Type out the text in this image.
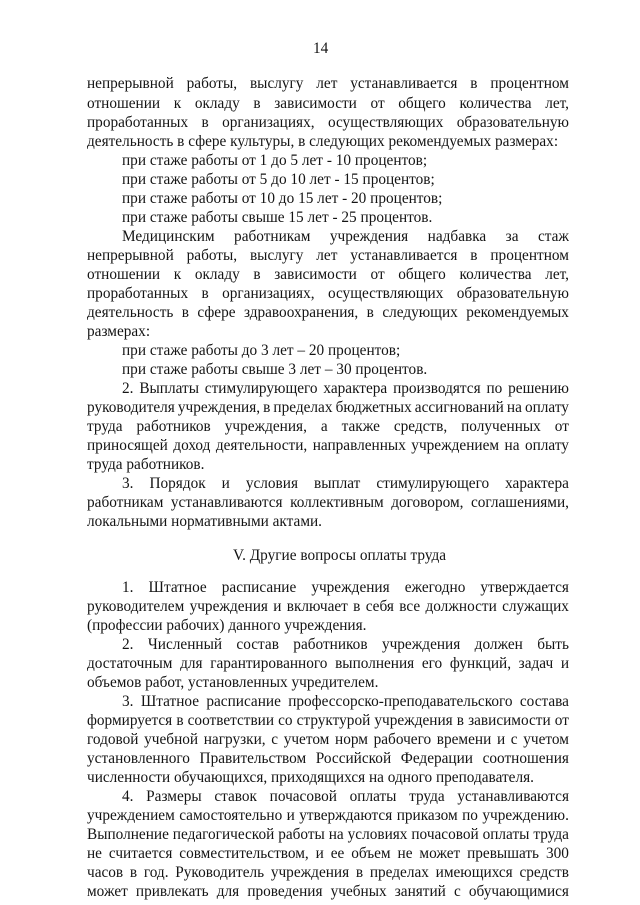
14
непрерывной работы, выслугу лет устанавливается в процентном
отношении к окладу в зависимости от общего количества лет,
проработанных в организациях, осуществляющих образовательную
деятельность в сфере культуры, в следующих рекомендуемых размерах:
при стаже работы от 1 до 5 лет - 10 процентов;
при стаже работы от 5 до 10 лет - 15 процентов;
при стаже работы от 10 до 15 лет - 20 процентов;
при стаже работы свыше 15 лет - 25 процентов.
Медицинским работникам учреждения надбавка за стаж
непрерывной работы, выслугу лет устанавливается в процентном
отношении к окладу в зависимости от общего количества лет,
проработанных в организациях, осуществляющих образовательную
деятельность в сфере здравоохранения, в следующих рекомендуемых
размерах:
при стаже работы до 3 лет – 20 процентов;
при стаже работы свыше 3 лет – 30 процентов.
2. Выплаты стимулирующего характера производятся по решению
руководителя учреждения, в пределах бюджетных ассигнований на оплату
труда работников учреждения, а также средств, полученных от
приносящей доход деятельности, направленных учреждением на оплату
труда работников.
3. Порядок и условия выплат стимулирующего характера
работникам устанавливаются коллективным договором, соглашениями,
локальными нормативными актами.
V. Другие вопросы оплаты труда
1. Штатное расписание учреждения ежегодно утверждается
руководителем учреждения и включает в себя все должности служащих
(профессии рабочих) данного учреждения.
2. Численный состав работников учреждения должен быть
достаточным для гарантированного выполнения его функций, задач и
объемов работ, установленных учредителем.
3. Штатное расписание профессорско-преподавательского состава
формируется в соответствии со структурой учреждения в зависимости от
годовой учебной нагрузки, с учетом норм рабочего времени и с учетом
установленного Правительством Российской Федерации соотношения
численности обучающихся, приходящихся на одного преподавателя.
4. Размеры ставок почасовой оплаты труда устанавливаются
учреждением самостоятельно и утверждаются приказом по учреждению.
Выполнение педагогической работы на условиях почасовой оплаты труда
не считается совместительством, и ее объем не может превышать 300
часов в год. Руководитель учреждения в пределах имеющихся средств
может привлекать для проведения учебных занятий с обучающимися
